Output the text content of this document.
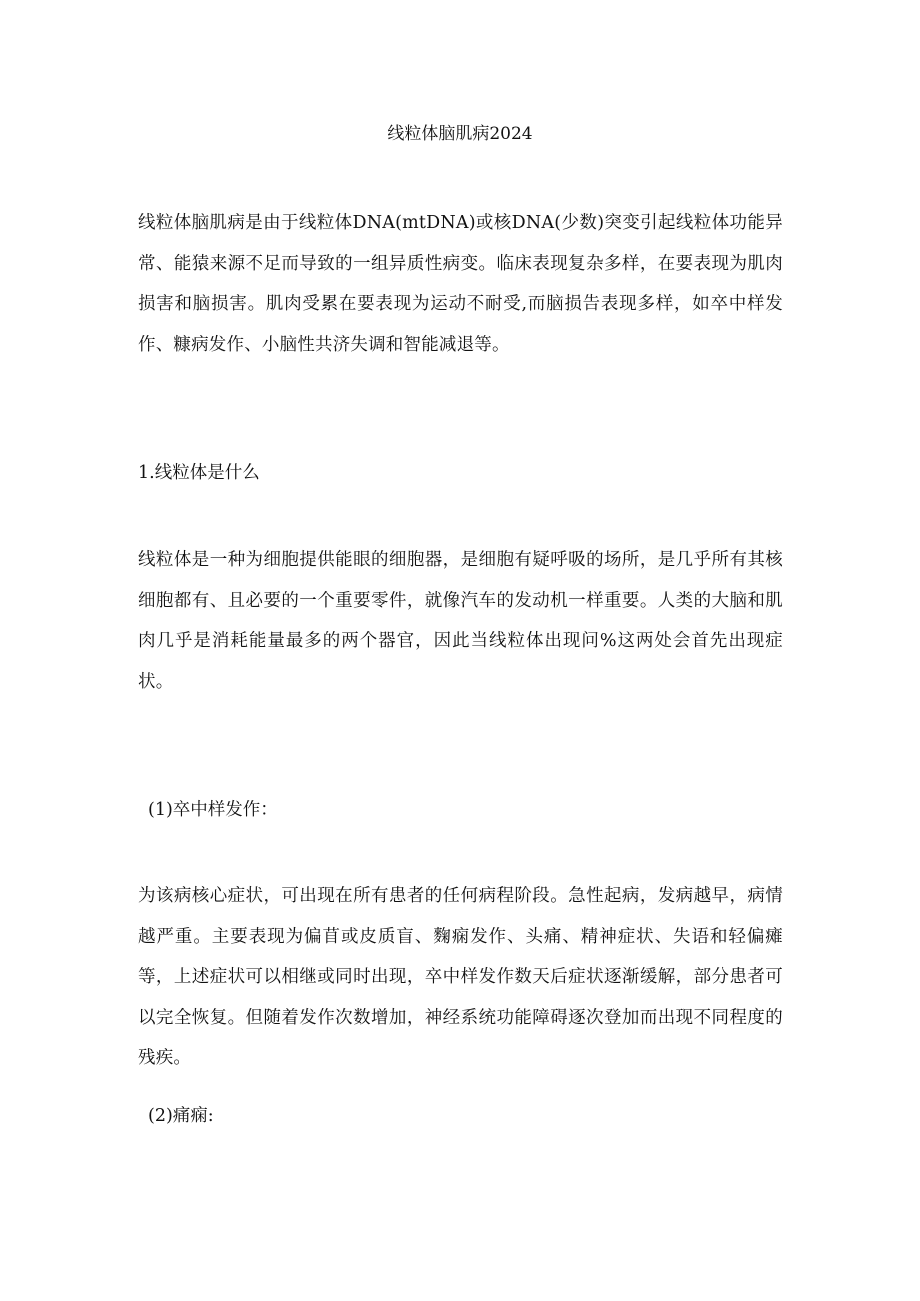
线粒体脑肌病2024

线粒体脑肌病是由于线粒体DNA(mtDNA)或核DNA(少数)突变引起线粒体功能异常、能猿来源不足而导致的一组异质性病变。临床表现复杂多样，在要表现为肌肉损害和脑损害。肌肉受累在要表现为运动不耐受,而脑损告表现多样，如卒中样发作、糠病发作、小脑性共济失调和智能减退等。

1.线粒体是什么

线粒体是一种为细胞提供能眼的细胞器，是细胞有疑呼吸的场所，是几乎所有其核细胞都有、且必要的一个重要零件，就像汽车的发动机一样重要。人类的大脑和肌肉几乎是消耗能量最多的两个器官，因此当线粒体出现问%这两处会首先出现症状。

(1)卒中样发作：

为该病核心症状，可出现在所有患者的任何病程阶段。急性起病，发病越早，病情越严重。主要表现为偏苜或皮质盲、麴痫发作、头痛、精神症状、失语和轻偏瘫等，上述症状可以相继或同时出现，卒中样发作数天后症状逐渐缓解，部分患者可以完全恢复。但随着发作次数增加，神经系统功能障碍逐次登加而出现不同程度的残疾。

(2)痛痫:
